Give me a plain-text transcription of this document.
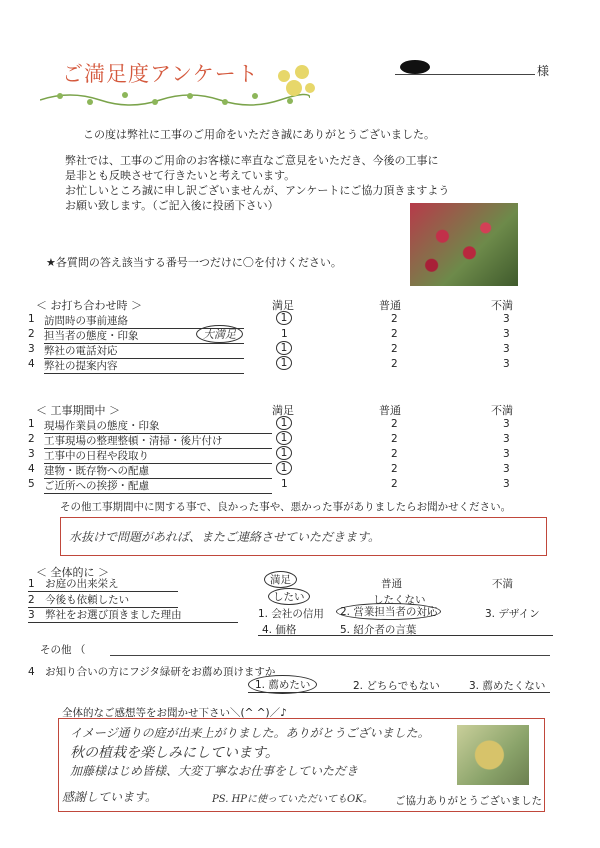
ご満足度アンケート	様
この度は弊社に工事のご用命をいただき誠にありがとうございました。
弊社では、工事のご用命のお客様に率直なご意見をいただき、今後の工事に
是非とも反映させて行きたいと考えています。
お忙しいところ誠に申し訳ございませんが、アンケートにご協力頂きますよう
お願い致します。（ご記入後に投函下さい）
★各質問の答え該当する番号一つだけに〇を付けください。
＜ お打ち合わせ時 ＞	満足	普通	不満
1 訪問時の事前連絡	1	2	3
2 担当者の態度・印象	大満足	1	2	3
3 弊社の電話対応	1	2	3
4 弊社の提案内容	1	2	3
＜ 工事期間中 ＞	満足	普通	不満
1 現場作業員の態度・印象	1	2	3
2 工事現場の整理整頓・清掃・後片付け	1	2	3
3 工事中の日程や段取り	1	2	3
4 建物・既存物への配慮	1	2	3
5 ご近所への挨拶・配慮	1	2	3
その他工事期間中に関する事で、良かった事や、悪かった事がありましたらお聞かせください。
水抜けで問題があれば、またご連絡させていただきます。
＜ 全体的に ＞
1　お庭の出来栄え	満足	普通	不満
2　今後も依頼したい	したい	したくない
3　弊社をお選び頂きました理由	1. 会社の信用	2. 営業担当者の対応	3. デザイン
4. 価格	5. 紹介者の言葉
その他 （
4　お知り合いの方にフジタ緑研をお薦め頂けますか
1. 薦めたい	2. どちらでもない	3. 薦めたくない
全体的なご感想等をお聞かせ下さい＼(^ ^)／♪
イメージ通りの庭が出来上がりました。ありがとうございました。
秋の植栽を楽しみにしています。
加藤様はじめ皆様、大変丁寧なお仕事をしていただき
感謝しています。	PS. HPに使っていただいてもOK。 ご協力ありがとうございました
